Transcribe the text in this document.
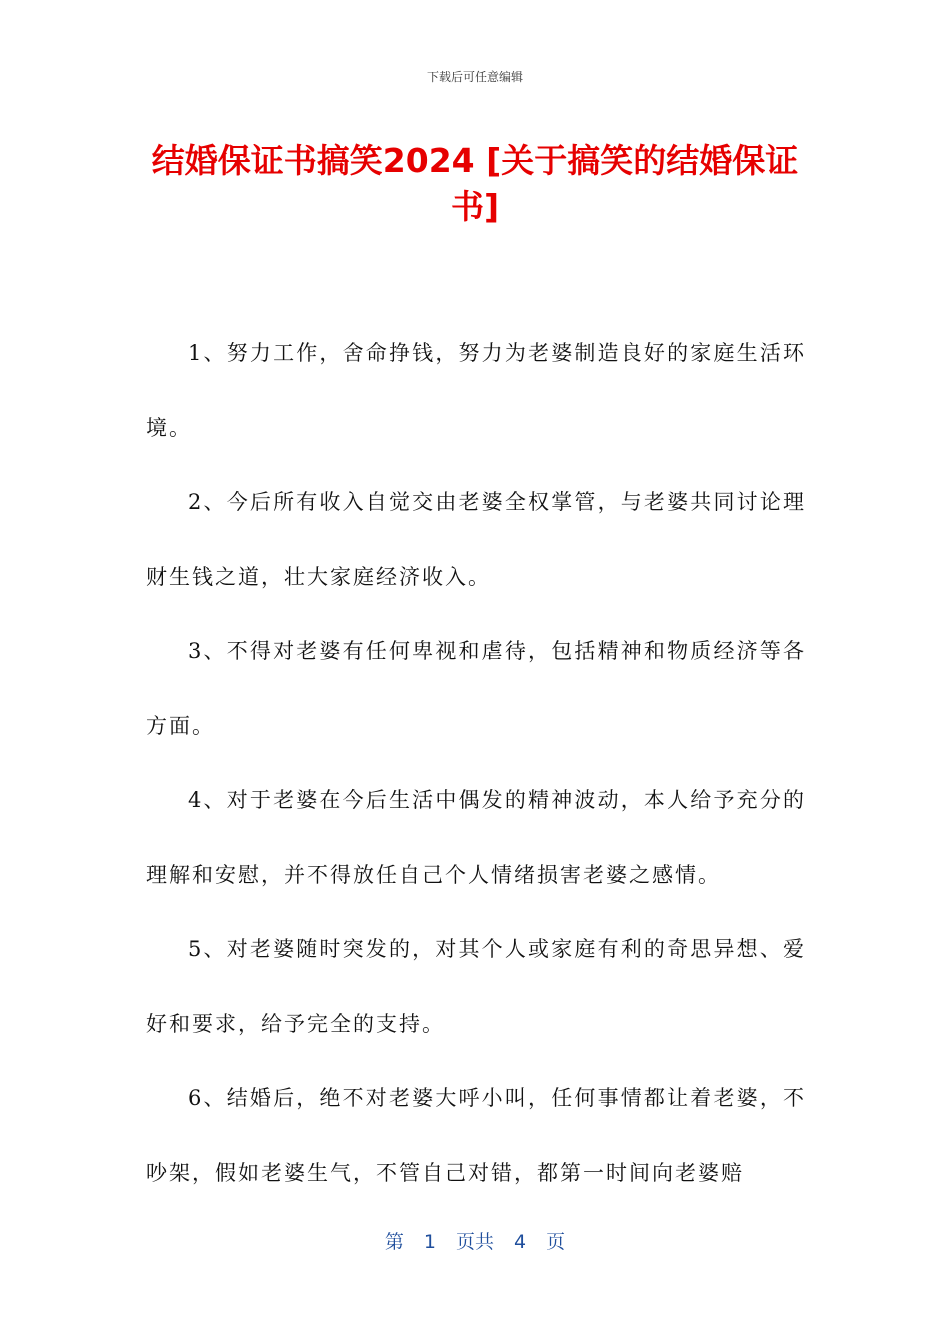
下载后可任意编辑
结婚保证书搞笑2024 [关于搞笑的结婚保证书]

1、努力工作，舍命挣钱，努力为老婆制造良好的家庭生活环境。

2、今后所有收入自觉交由老婆全权掌管，与老婆共同讨论理财生钱之道，壮大家庭经济收入。

3、不得对老婆有任何卑视和虐待，包括精神和物质经济等各方面。

4、对于老婆在今后生活中偶发的精神波动，本人给予充分的理解和安慰，并不得放任自己个人情绪损害老婆之感情。

5、对老婆随时突发的，对其个人或家庭有利的奇思异想、爱好和要求，给予完全的支持。

6、结婚后，绝不对老婆大呼小叫，任何事情都让着老婆，不吵架，假如老婆生气，不管自己对错，都第一时间向老婆赔

第 1 页共 4 页
